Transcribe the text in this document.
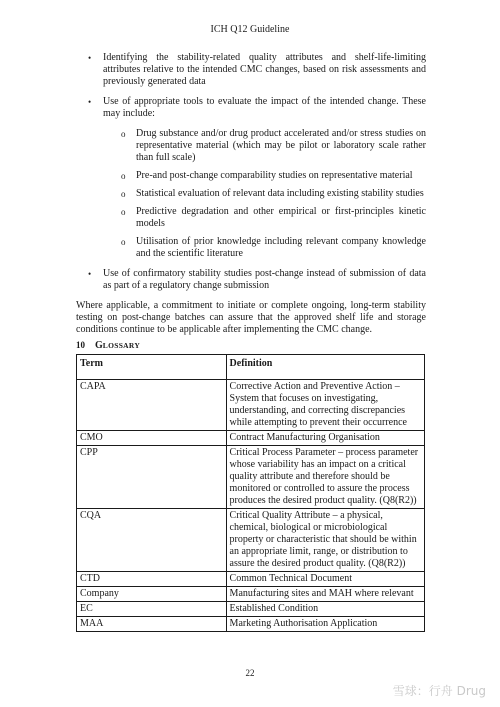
ICH Q12 Guideline
• Identifying the stability-related quality attributes and shelf-life-limiting attributes relative to the intended CMC changes, based on risk assessments and previously generated data
• Use of appropriate tools to evaluate the impact of the intended change. These may include:
o Drug substance and/or drug product accelerated and/or stress studies on representative material (which may be pilot or laboratory scale rather than full scale)
o Pre-and post-change comparability studies on representative material
o Statistical evaluation of relevant data including existing stability studies
o Predictive degradation and other empirical or first-principles kinetic models
o Utilisation of prior knowledge including relevant company knowledge and the scientific literature
• Use of confirmatory stability studies post-change instead of submission of data as part of a regulatory change submission
Where applicable, a commitment to initiate or complete ongoing, long-term stability testing on post-change batches can assure that the approved shelf life and storage conditions continue to be applicable after implementing the CMC change.
10 GLOSSARY
Term	Definition
CAPA	Corrective Action and Preventive Action – System that focuses on investigating, understanding, and correcting discrepancies while attempting to prevent their occurrence
CMO	Contract Manufacturing Organisation
CPP	Critical Process Parameter – process parameter whose variability has an impact on a critical quality attribute and therefore should be monitored or controlled to assure the process produces the desired product quality. (Q8(R2))
CQA	Critical Quality Attribute – a physical, chemical, biological or microbiological property or characteristic that should be within an appropriate limit, range, or distribution to assure the desired product quality. (Q8(R2))
CTD	Common Technical Document
Company	Manufacturing sites and MAH where relevant
EC	Established Condition
MAA	Marketing Authorisation Application
22
雪球：行舟 Drug
